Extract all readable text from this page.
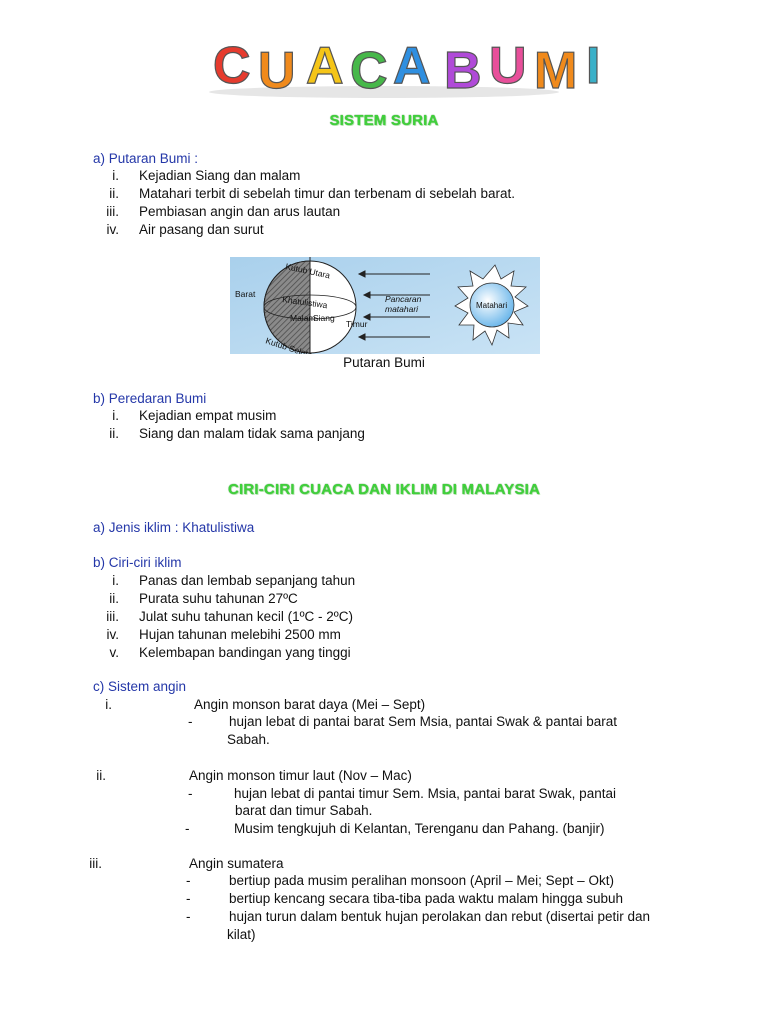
C U A C A B U M I
SISTEM SURIA
a) Putaran Bumi :
i. Kejadian Siang dan malam
ii. Matahari terbit di sebelah timur dan terbenam di sebelah barat.
iii. Pembiasan angin dan arus lautan
iv. Air pasang dan surut
Kutub Utara
Barat
Khatulistiwa
Malam
Siang
Timur
Kutub Selatan
Pancaran
matahari	Matahari
Putaran Bumi
b) Peredaran Bumi
i. Kejadian empat musim
ii. Siang dan malam tidak sama panjang
CIRI-CIRI CUACA DAN IKLIM DI MALAYSIA
a) Jenis iklim : Khatulistiwa
b) Ciri-ciri iklim
i. Panas dan lembab sepanjang tahun
ii. Purata suhu tahunan 27ºC
iii. Julat suhu tahunan kecil (1ºC - 2ºC)
iv. Hujan tahunan melebihi 2500 mm
v. Kelembapan bandingan yang tinggi
c) Sistem angin
i.	Angin monson barat daya (Mei – Sept)
-	hujan lebat di pantai barat Sem Msia, pantai Swak & pantai barat
Sabah.
ii.	Angin monson timur laut (Nov – Mac)
-	hujan lebat di pantai timur Sem. Msia, pantai barat Swak, pantai
barat dan timur Sabah.
-	Musim tengkujuh di Kelantan, Terenganu dan Pahang. (banjir)
iii.	Angin sumatera
-	bertiup pada musim peralihan monsoon (April – Mei; Sept – Okt)
-	bertiup kencang secara tiba-tiba pada waktu malam hingga subuh
-	hujan turun dalam bentuk hujan perolakan dan rebut (disertai petir dan
kilat)
